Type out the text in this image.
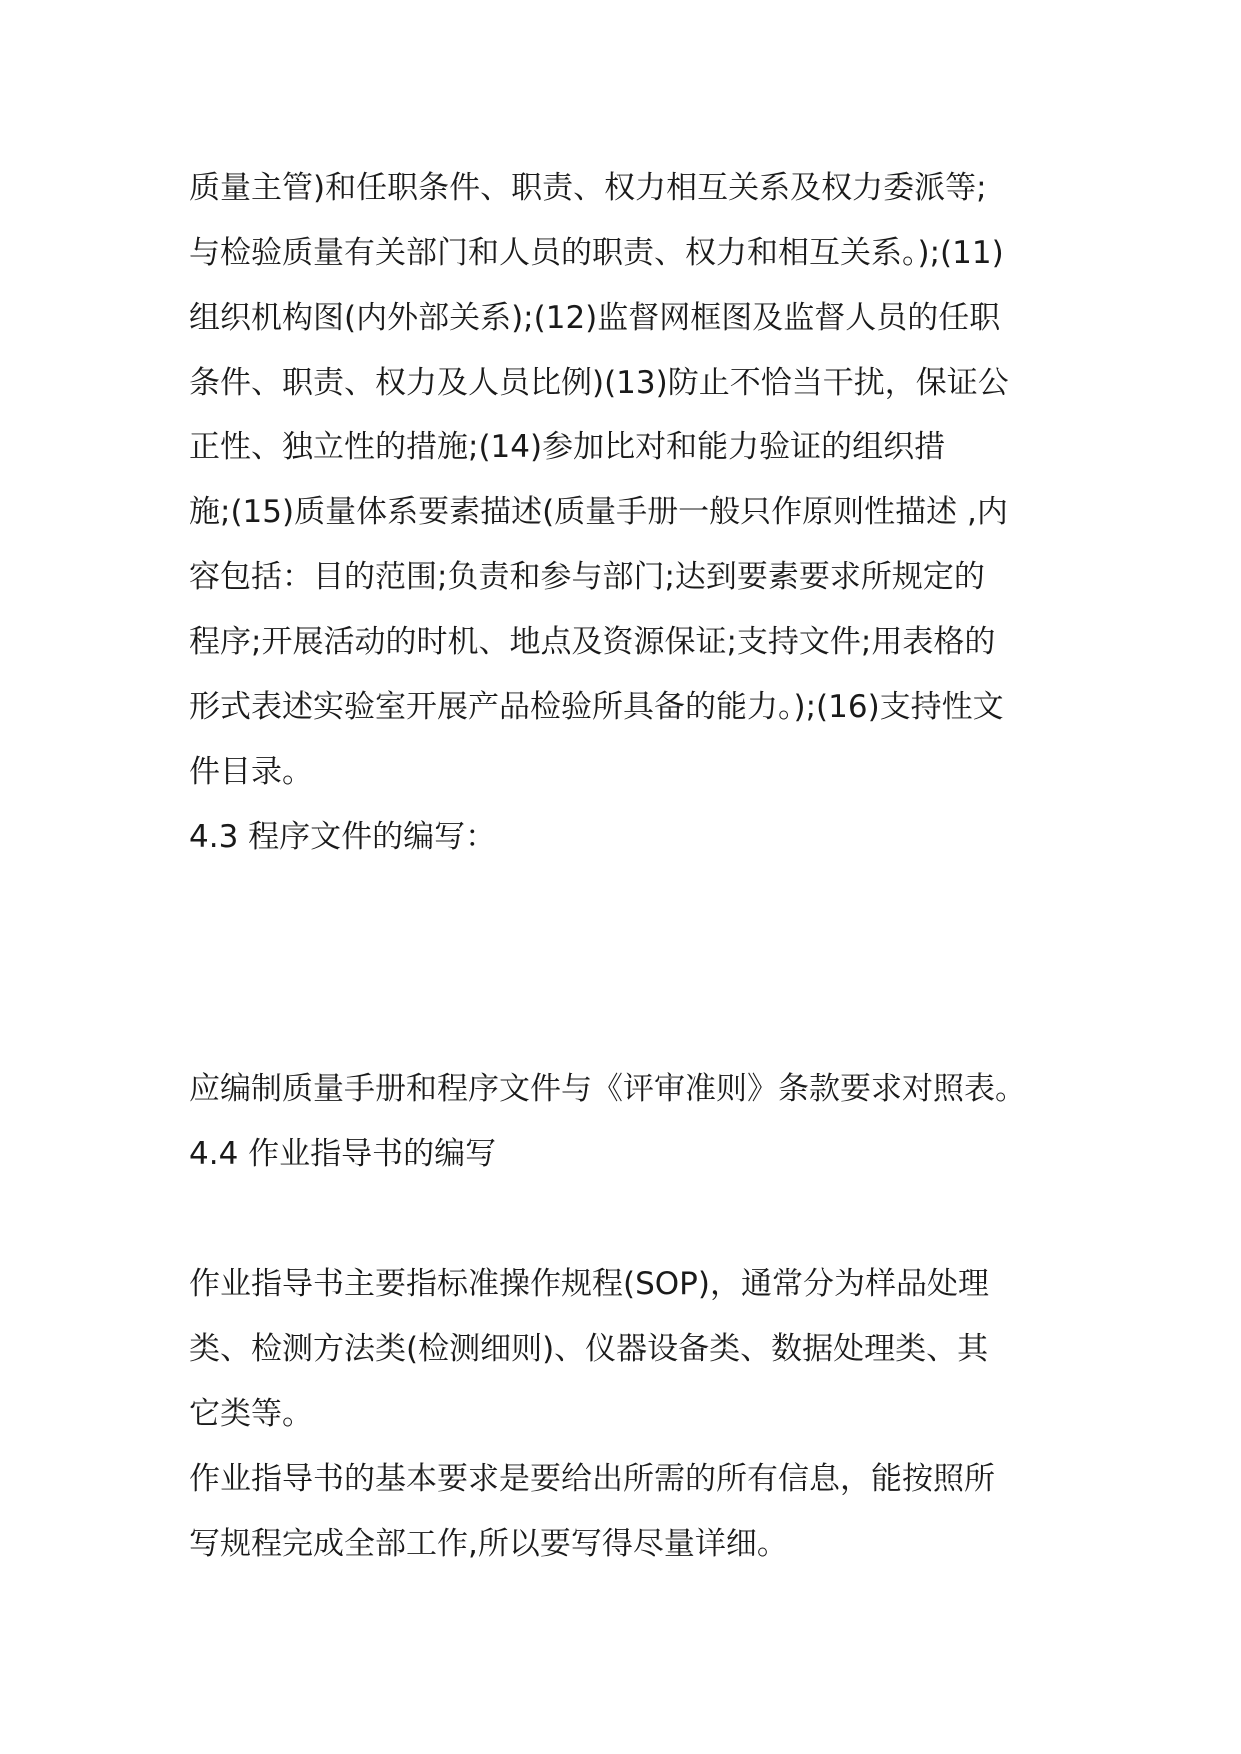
质量主管)和任职条件、职责、权力相互关系及权力委派等;
与检验质量有关部门和人员的职责、权力和相互关系。);(11)
组织机构图(内外部关系);(12)监督网框图及监督人员的任职
条件、职责、权力及人员比例)(13)防止不恰当干扰，保证公
正性、独立性的措施;(14)参加比对和能力验证的组织措
施;(15)质量体系要素描述(质量手册一般只作原则性描述 ,内
容包括：目的范围;负责和参与部门;达到要素要求所规定的
程序;开展活动的时机、地点及资源保证;支持文件;用表格的
形式表述实验室开展产品检验所具备的能力。);(16)支持性文
件目录。
4.3 程序文件的编写：
应编制质量手册和程序文件与《评审准则》条款要求对照表。
4.4 作业指导书的编写
作业指导书主要指标准操作规程(SOP)，通常分为样品处理
类、检测方法类(检测细则)、仪器设备类、数据处理类、其
它类等。
作业指导书的基本要求是要给出所需的所有信息，能按照所
写规程完成全部工作,所以要写得尽量详细。
